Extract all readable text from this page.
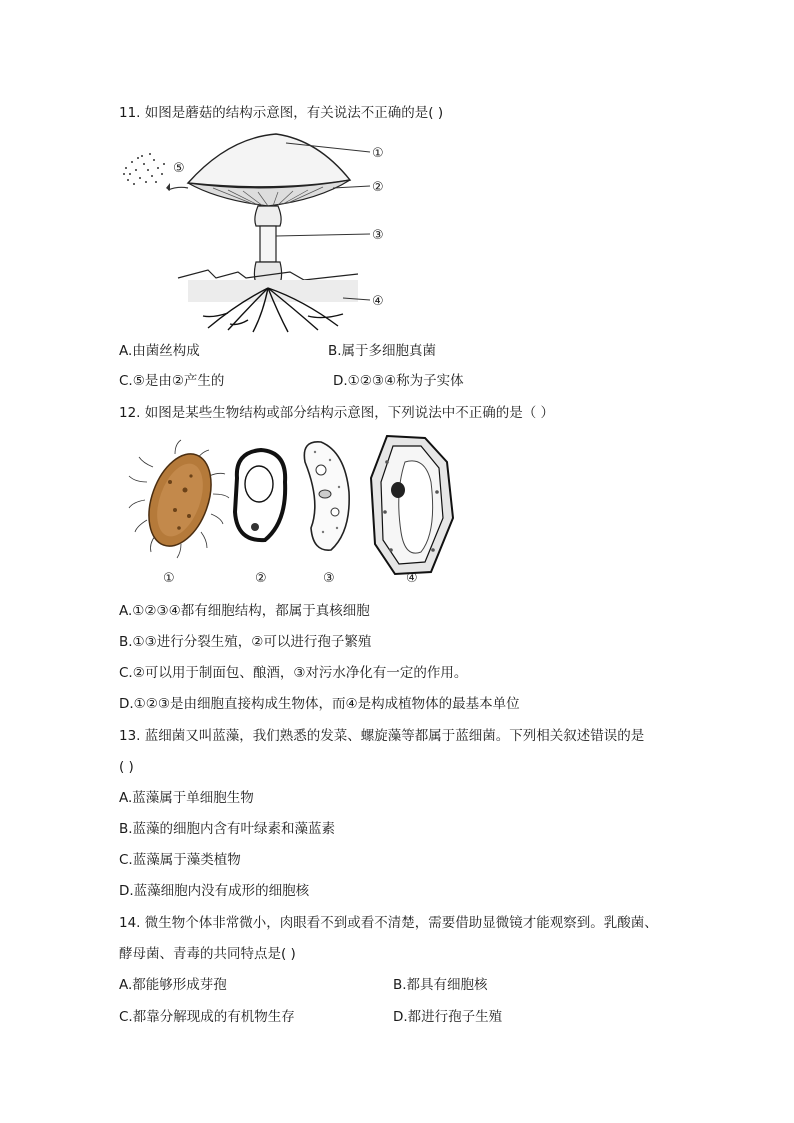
11. 如图是蘑菇的结构示意图，有关说法不正确的是( )
⑤
①
②
③
④
A.由菌丝构成	B.属于多细胞真菌
C.⑤是由②产生的	D.①②③④称为子实体
12. 如图是某些生物结构或部分结构示意图，下列说法中不正确的是（ ）
①	②	③	④
A.①②③④都有细胞结构，都属于真核细胞
B.①③进行分裂生殖，②可以进行孢子繁殖
C.②可以用于制面包、酿酒，③对污水净化有一定的作用。
D.①②③是由细胞直接构成生物体，而④是构成植物体的最基本单位
13. 蓝细菌又叫蓝藻，我们熟悉的发菜、螺旋藻等都属于蓝细菌。下列相关叙述错误的是
( )
A.蓝藻属于单细胞生物
B.蓝藻的细胞内含有叶绿素和藻蓝素
C.蓝藻属于藻类植物
D.蓝藻细胞内没有成形的细胞核
14. 微生物个体非常微小，肉眼看不到或看不清楚，需要借助显微镜才能观察到。乳酸菌、
酵母菌、青毒的共同特点是( )
A.都能够形成芽孢	B.都具有细胞核
C.都靠分解现成的有机物生存	D.都进行孢子生殖
